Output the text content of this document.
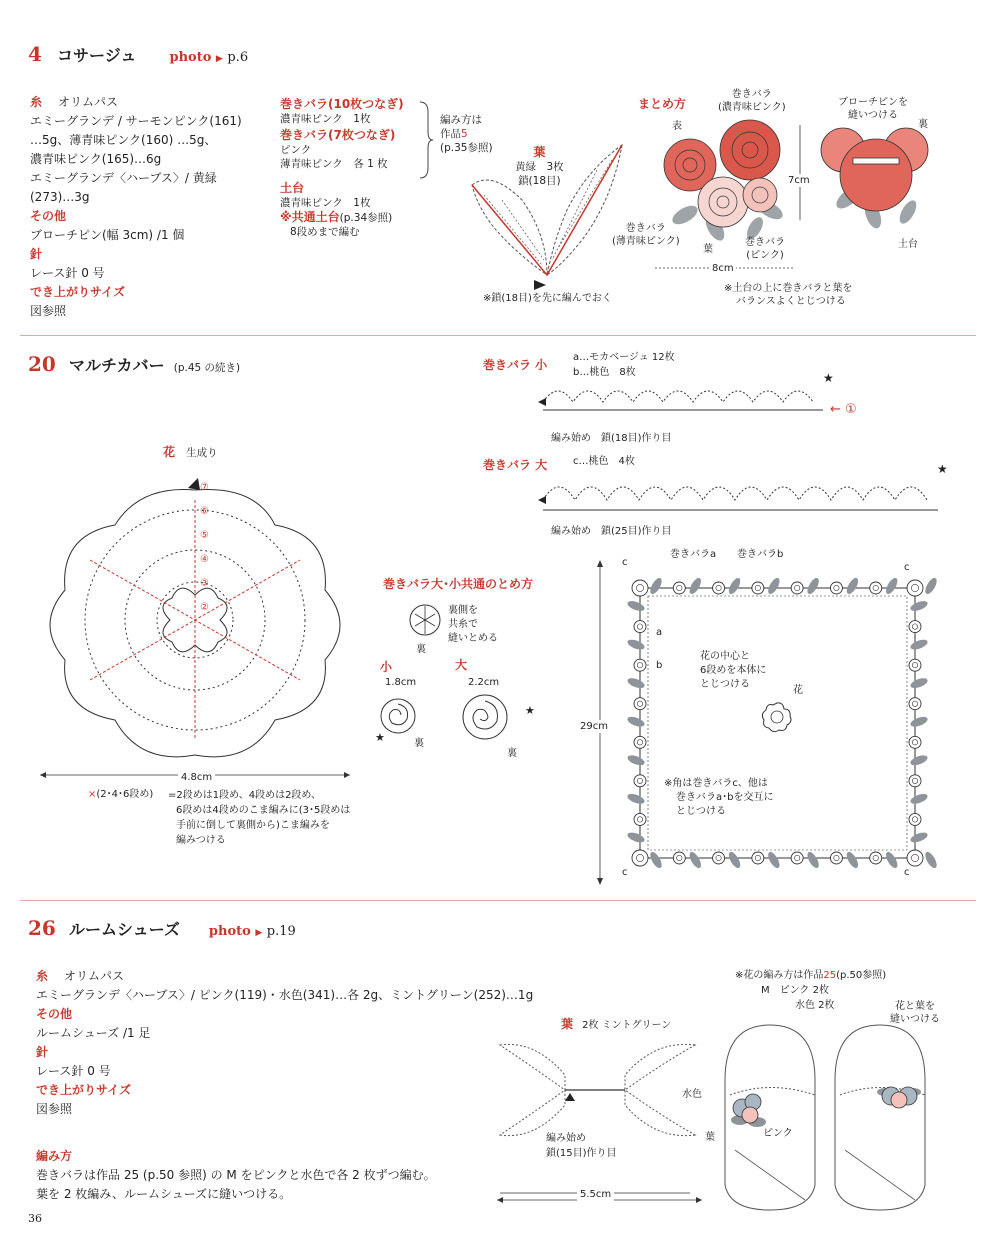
4 コサージュ	photo ▶ p.6
糸 オリムパス
エミーグランデ / サーモンピンク(161)
…5g、薄青味ピンク(160) …5g、
濃青味ピンク(165)…6g
エミーグランデ〈ハーブス〉/ 黄緑
(273)…3g
その他
ブローチピン(幅 3cm) /1 個
針
レース針 0 号
でき上がりサイズ
図参照
巻きバラ(10枚つなぎ)
濃青味ピンク　1枚
巻きバラ(7枚つなぎ)
ピンク
薄青味ピンク　各 1 枚
土台
濃青味ピンク　1枚
※共通土台(p.34参照)
8段めまで編む
編み方は
作品5
(p.35参照)	葉
黄緑　3枚
鎖(18目)
※鎖(18目)を先に編んでおく
まとめ方
表
巻きバラ
(濃青味ピンク)
巻きバラ
(薄青味ピンク)
葉
巻きバラ
(ピンク)
7cm
8cm
ブローチピンを
縫いつける
裏
土台
※土台の上に巻きバラと葉を
バランスよくとじつける
20 マルチカバー (p.45 の続き)
花 生成り
⑦
⑥
⑤
④
③
②
4.8cm
×(2･4･6段め) =2段めは1段め、4段めは2段め、
6段めは4段めのこま編みに(3･5段めは
手前に倒して裏側から)こま編みを
編みつける
巻きバラ 小
a…モカベージュ 12枚
b…桃色　8枚	★
← ①
編み始め　鎖(18目)作り目
巻きバラ 大	c…桃色　4枚
★
編み始め　鎖(25目)作り目
巻きバラ大･小共通のとめ方
裏側を
共糸で
縫いとめる
裏
小	大
1.8cm	2.2cm
★
★
裏
裏
巻きバラa 巻きバラb
c	c
a
b
c	c
29cm
花の中心と
6段めを本体に
とじつける
花
※角は巻きバラc、他は
巻きバラa･bを交互に
とじつける
26 ルームシューズ photo ▶ p.19
糸 オリムパス
エミーグランデ〈ハーブス〉/ ピンク(119)・水色(341)…各 2g、ミントグリーン(252)…1g
その他
ルームシューズ /1 足
針
レース針 0 号
でき上がりサイズ
図参照
編み方
巻きバラは作品 25 (p.50 参照) の M をピンクと水色で各 2 枚ずつ編む。
葉を 2 枚編み、ルームシューズに縫いつける。
葉 2枚 ミントグリーン
編み始め
鎖(15目)作り目
5.5cm
※花の編み方は作品25(p.50参照)
M　ピンク 2枚
水色 2枚	花と葉を
縫いつける
水色
葉	ピンク
36
